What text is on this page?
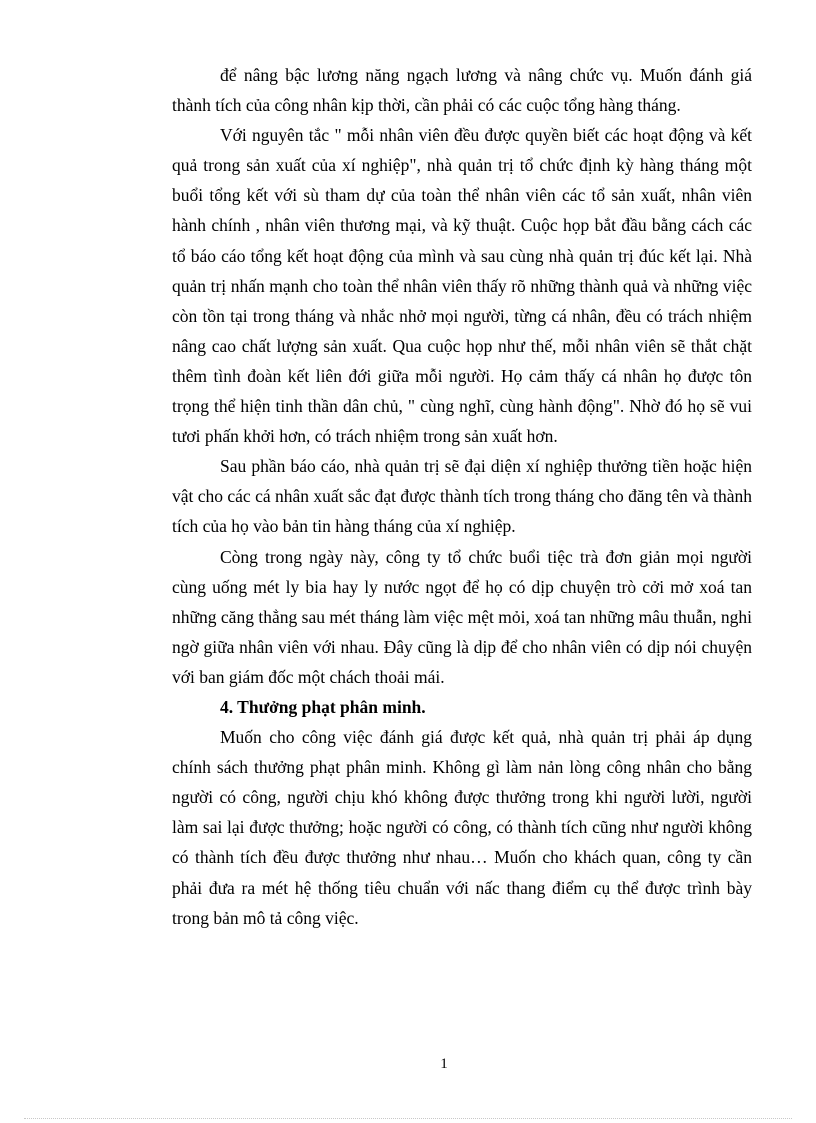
để nâng bậc lương năng ngạch lương và nâng chức vụ. Muốn đánh giá thành tích của công nhân kịp thời, cần phải có các cuộc tổng hàng tháng.

Với nguyên tắc " mỗi nhân viên đều được quyền biết các hoạt động và kết quả trong sản xuất của xí nghiệp", nhà quản trị tổ chức định kỳ hàng tháng một buổi tổng kết với sù tham dự của toàn thể nhân viên các tổ sản xuất, nhân viên hành chính , nhân viên thương mại, và kỹ thuật. Cuộc họp bắt đầu bằng cách các tổ báo cáo tổng kết hoạt động của mình và sau cùng nhà quản trị đúc kết lại. Nhà quản trị nhấn mạnh cho toàn thể nhân viên thấy rõ những thành quả và những việc còn tồn tại trong tháng và nhắc nhở mọi người, từng cá nhân, đều có trách nhiệm nâng cao chất lượng sản xuất. Qua cuộc họp như thế, mỗi nhân viên sẽ thắt chặt thêm tình đoàn kết liên đới giữa mỗi người. Họ cảm thấy cá nhân họ được tôn trọng thể hiện tinh thần dân chủ, " cùng nghĩ, cùng hành động". Nhờ đó họ sẽ vui tươi phấn khởi hơn, có trách nhiệm trong sản xuất hơn.

Sau phần báo cáo, nhà quản trị sẽ đại diện xí nghiệp thưởng tiền hoặc hiện vật cho các cá nhân xuất sắc đạt được thành tích trong tháng cho đăng tên và thành tích của họ vào bản tin hàng tháng của xí nghiệp.

Còng trong ngày này, công ty tổ chức buổi tiệc trà đơn giản mọi người cùng uống mét ly bia hay ly nước ngọt để họ có dịp chuyện trò cởi mở xoá tan những căng thẳng sau mét tháng làm việc mệt mỏi, xoá tan những mâu thuẫn, nghi ngờ giữa nhân viên với nhau. Đây cũng là dịp để cho nhân viên có dịp nói chuyện với ban giám đốc một chách thoải mái.

4. Thưởng phạt phân minh.

Muốn cho công việc đánh giá được kết quả, nhà quản trị phải áp dụng chính sách thưởng phạt phân minh. Không gì làm nản lòng công nhân cho bằng người có công, người chịu khó không được thưởng trong khi người lười, người làm sai lại được thưởng; hoặc người có công, có thành tích cũng như người không có thành tích đều được thưởng như nhau… Muốn cho khách quan, công ty cần phải đưa ra mét hệ thống tiêu chuẩn với nấc thang điểm cụ thể được trình bày trong bản mô tả công việc.

1
